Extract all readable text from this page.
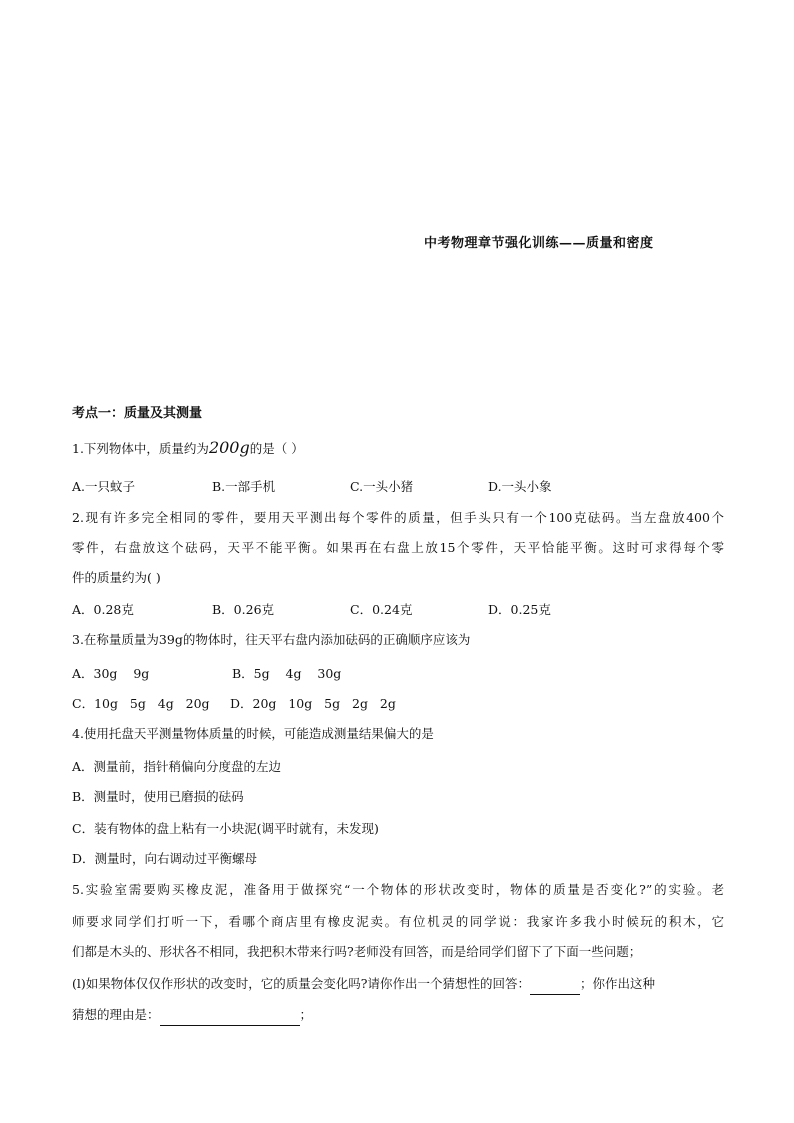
中考物理章节强化训练——质量和密度
考点一：质量及其测量
1.下列物体中，质量约为200g的是（ ）
A.一只蚊子	B.一部手机	C.一头小猪	D.一头小象
2.现有许多完全相同的零件，要用天平测出每个零件的质量，但手头只有一个100克砝码。当左盘放400个
零件，右盘放这个砝码，天平不能平衡。如果再在右盘上放15个零件，天平恰能平衡。这时可求得每个零
件的质量约为( )
A．0.28克	B．0.26克	C．0.24克	D．0.25克
3.在称量质量为39g的物体时，往天平右盘内添加砝码的正确顺序应该为
A．30g    9g	B．5g    4g    30g
C．10g   5g   4g   20g D．20g   10g   5g   2g   2g
4.使用托盘天平测量物体质量的时候，可能造成测量结果偏大的是
A．测量前，指针稍偏向分度盘的左边
B．测量时，使用已磨损的砝码
C．装有物体的盘上粘有一小块泥(调平时就有，未发现)
D．测量时，向右调动过平衡螺母
5.实验室需要购买橡皮泥，准备用于做探究“一个物体的形状改变时，物体的质量是否变化?”的实验。老
师要求同学们打听一下，看哪个商店里有橡皮泥卖。有位机灵的同学说：我家许多我小时候玩的积木，它
们都是木头的、形状各不相同，我把积木带来行吗?老师没有回答，而是给同学们留下了下面一些问题；
(l)如果物体仅仅作形状的改变时，它的质量会变化吗?请你作出一个猜想性的回答：	；你作出这种
猜想的理由是：	；
